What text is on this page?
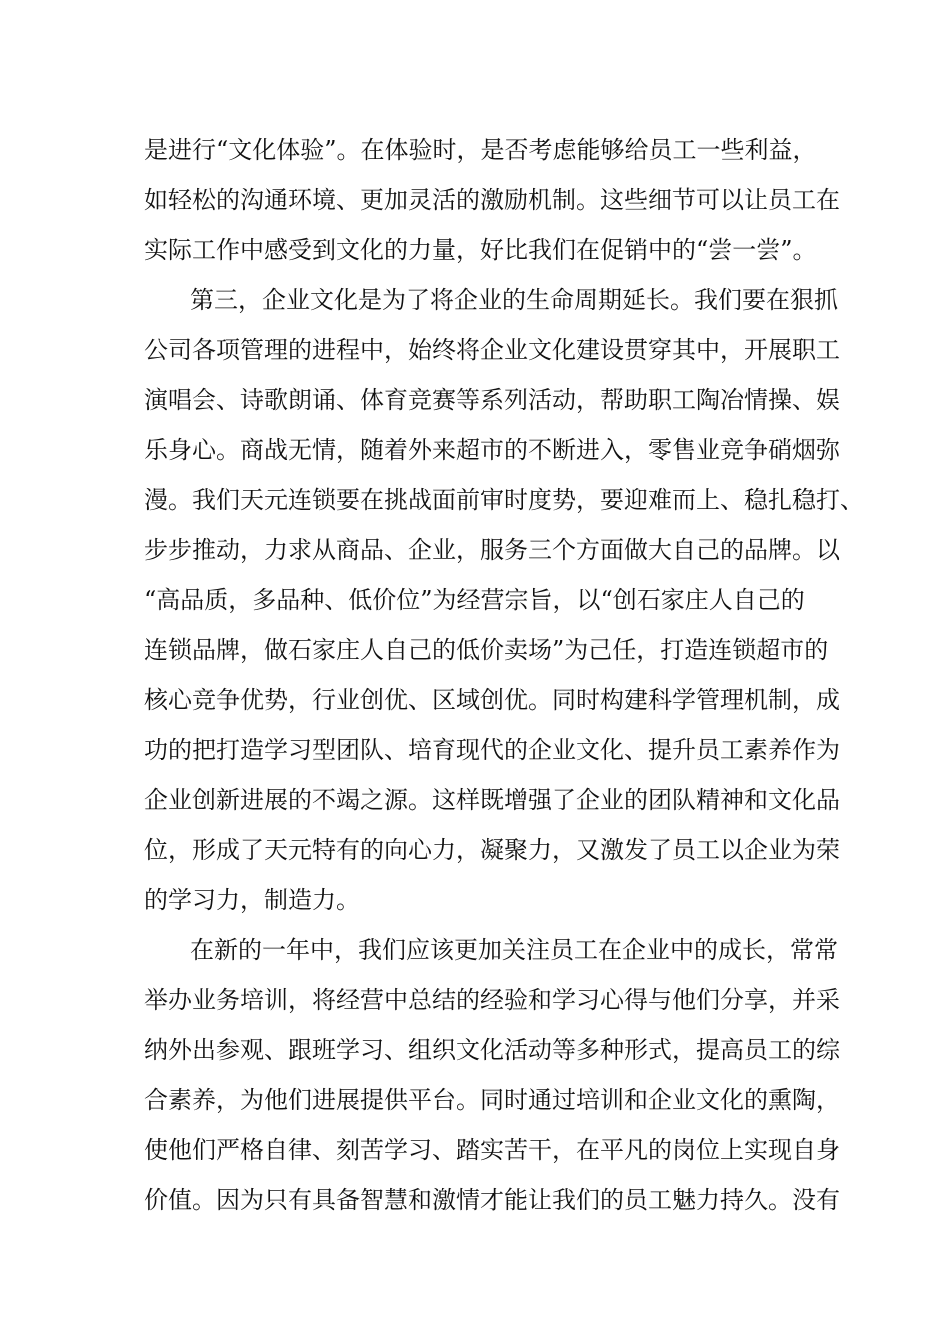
是进行“文化体验”。在体验时，是否考虑能够给员工一些利益，
如轻松的沟通环境、更加灵活的激励机制。这些细节可以让员工在
实际工作中感受到文化的力量，好比我们在促销中的“尝一尝”。
第三，企业文化是为了将企业的生命周期延长。我们要在狠抓
公司各项管理的进程中，始终将企业文化建设贯穿其中，开展职工
演唱会、诗歌朗诵、体育竞赛等系列活动，帮助职工陶冶情操、娱
乐身心。商战无情，随着外来超市的不断进入，零售业竞争硝烟弥
漫。我们天元连锁要在挑战面前审时度势，要迎难而上、稳扎稳打、
步步推动，力求从商品、企业，服务三个方面做大自己的品牌。以
“高品质，多品种、低价位”为经营宗旨，以“创石家庄人自己的
连锁品牌，做石家庄人自己的低价卖场”为己任，打造连锁超市的
核心竞争优势，行业创优、区域创优。同时构建科学管理机制，成
功的把打造学习型团队、培育现代的企业文化、提升员工素养作为
企业创新进展的不竭之源。这样既增强了企业的团队精神和文化品
位，形成了天元特有的向心力，凝聚力，又激发了员工以企业为荣
的学习力，制造力。
在新的一年中，我们应该更加关注员工在企业中的成长，常常
举办业务培训，将经营中总结的经验和学习心得与他们分享，并采
纳外出参观、跟班学习、组织文化活动等多种形式，提高员工的综
合素养，为他们进展提供平台。同时通过培训和企业文化的熏陶，
使他们严格自律、刻苦学习、踏实苦干，在平凡的岗位上实现自身
价值。因为只有具备智慧和激情才能让我们的员工魅力持久。没有
